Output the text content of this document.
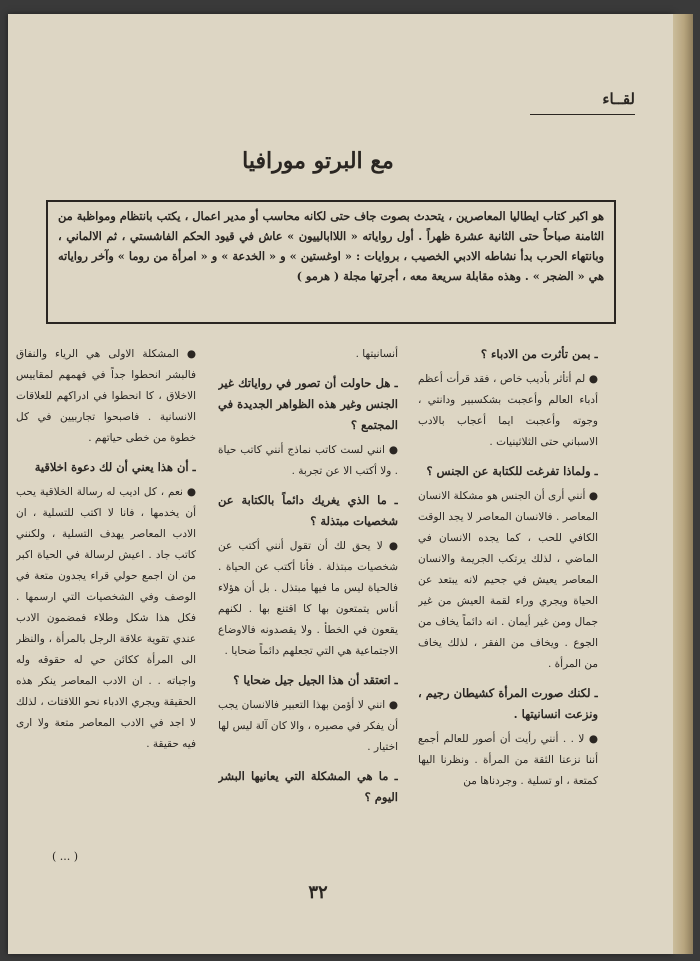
لقــاء
مع البرتو مورافيا
هو اكبر كتاب ايطاليا المعاصرين ، يتحدث بصوت جاف حتى لكانه محاسب أو مدير اعمال ، يكتب بانتظام ومواظبة من الثامنة صباحاً حتى الثانية عشرة ظهراً . أول رواياته « اللاابالييون » عاش في قيود الحكم الفاشستي ، ثم الالماني ، وبانتهاء الحرب بدأ نشاطه الادبي الخصيب ، بروايات : « اوغستين » و « الخدعة » و « امرأة من روما » وآخر رواياته هي « الضجر » . وهذه مقابلة سريعة معه ، أجرتها مجلة ( هرمو )

ـ بمن تأثرت من الادباء ؟

● لم أتأثر بأديب خاص ، فقد قرأت أعظم أدباء العالم وأعجبت بشكسبير ودانتي ، وجوته وأعجبت ايما أعجاب بالادب الاسباني حتى الثلاثينيات .

ـ ولماذا تفرغت للكتابة عن الجنس ؟

● أنني أرى أن الجنس هو مشكلة الانسان المعاصر . فالانسان المعاصر لا يجد الوقت الكافي للحب ، كما يجده الانسان في الماضي ، لذلك يرتكب الجريمة والانسان المعاصر يعيش في جحيم لانه يبتعد عن الحياة ويجري وراء لقمة العيش من غير جمال ومن غير أيمان . انه دائماً يخاف من الجوع . ويخاف من الفقر ، لذلك يخاف من المرأة .

ـ لكنك صورت المرأة كشيطان رجيم ، ونزعت انسانيتها .

● لا . . أنني رأيت أن أصور للعالم أجمع أننا نزعنا الثقة من المرأة . ونظرنا اليها كمتعة ، او تسلية . وجردناها من

أنسانيتها .

ـ هل حاولت أن تصور في رواياتك غير الجنس وغير هذه الظواهر الجديدة في المجتمع ؟

● انني لست كاتب نماذج أنني كاتب حياة . ولا أكتب الا عن تجربة .

ـ ما الذي يغريك دائماً بالكتابة عن شخصيات مبتذلة ؟

● لا يحق لك أن تقول أنني أكتب عن شخصيات مبتذلة . فأنا أكتب عن الحياة . فالحياة ليس ما فيها مبتذل . بل أن هؤلاء أناس يتمتعون بها كا اقتنع بها . لكنهم يقعون في الخطأ . ولا يقصدونه فالاوضاع الاجتماعية هي التي تجعلهم دائماً ضحايا .

ـ اتعتقد أن هذا الجيل جيل ضحايا ؟

● انني لا أؤمن بهذا التعبير فالانسان يجب أن يفكر في مصيره ، والا كان آلة ليس لها اختيار .

ـ ما هي المشكلة التي يعانيها البشر اليوم ؟

● المشكلة الاولى هي الرياء والنفاق فالبشر انحطوا جداً في فهمهم لمقاييس الاخلاق ، كا انحطوا في ادراكهم للعلاقات الانسانية . فاصبحوا تجاربيين في كل خطوة من خطى حياتهم .

ـ أن هذا يعني أن لك دعوة اخلاقية

● نعم ، كل اديب له رسالة الخلاقية يحب أن يخدمها ، فانا لا اكتب للتسلية ، ان الادب المعاصر يهدف التسلية ، ولكنني كاتب جاد . اعيش لرسالة في الحياة اكبر من ان اجمع حولي قراء يجدون متعة في الوصف وفي الشخصيات التي ارسمها . فكل هذا شكل وطلاء فمضمون الادب عندي تقوية علاقة الرجل بالمرأة ، والنظر الى المرأة ككائن حي له حقوقه وله واجباته . . ان الادب المعاصر ينكر هذه الحقيقة ويجري الادباء نحو اللافتات ، لذلك لا اجد في الادب المعاصر متعة ولا ارى فيه حقيقة .

( ... )
٣٢
